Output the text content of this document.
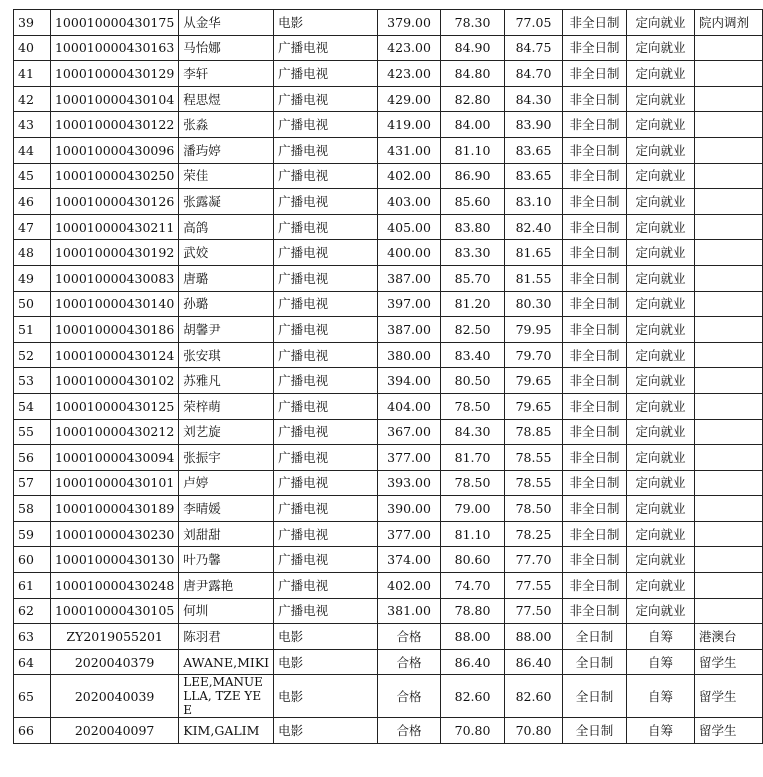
39	100010000430175	从金华	电影	379.00	78.30	77.05	非全日制	定向就业	院内调剂
40	100010000430163	马怡娜	广播电视	423.00	84.90	84.75	非全日制	定向就业	
41	100010000430129	李轩	广播电视	423.00	84.80	84.70	非全日制	定向就业	
42	100010000430104	程思煜	广播电视	429.00	82.80	84.30	非全日制	定向就业	
43	100010000430122	张淼	广播电视	419.00	84.00	83.90	非全日制	定向就业	
44	100010000430096	潘玙婷	广播电视	431.00	81.10	83.65	非全日制	定向就业	
45	100010000430250	荣佳	广播电视	402.00	86.90	83.65	非全日制	定向就业	
46	100010000430126	张露凝	广播电视	403.00	85.60	83.10	非全日制	定向就业	
47	100010000430211	高鸽	广播电视	405.00	83.80	82.40	非全日制	定向就业	
48	100010000430192	武姣	广播电视	400.00	83.30	81.65	非全日制	定向就业	
49	100010000430083	唐璐	广播电视	387.00	85.70	81.55	非全日制	定向就业	
50	100010000430140	孙璐	广播电视	397.00	81.20	80.30	非全日制	定向就业	
51	100010000430186	胡馨尹	广播电视	387.00	82.50	79.95	非全日制	定向就业	
52	100010000430124	张安琪	广播电视	380.00	83.40	79.70	非全日制	定向就业	
53	100010000430102	苏雅凡	广播电视	394.00	80.50	79.65	非全日制	定向就业	
54	100010000430125	荣梓萌	广播电视	404.00	78.50	79.65	非全日制	定向就业	
55	100010000430212	刘艺旋	广播电视	367.00	84.30	78.85	非全日制	定向就业	
56	100010000430094	张振宇	广播电视	377.00	81.70	78.55	非全日制	定向就业	
57	100010000430101	卢婷	广播电视	393.00	78.50	78.55	非全日制	定向就业	
58	100010000430189	李晴媛	广播电视	390.00	79.00	78.50	非全日制	定向就业	
59	100010000430230	刘甜甜	广播电视	377.00	81.10	78.25	非全日制	定向就业	
60	100010000430130	叶乃馨	广播电视	374.00	80.60	77.70	非全日制	定向就业	
61	100010000430248	唐尹露艳	广播电视	402.00	74.70	77.55	非全日制	定向就业	
62	100010000430105	何圳	广播电视	381.00	78.80	77.50	非全日制	定向就业	
63	ZY2019055201	陈羽君	电影	合格	88.00	88.00	全日制	自筹	港澳台
64	2020040379	AWANE,MIKI	电影	合格	86.40	86.40	全日制	自筹	留学生
65	2020040039	LEE,MANUELLA, TZE YEE	电影	合格	82.60	82.60	全日制	自筹	留学生
66	2020040097	KIM,GALIM	电影	合格	70.80	70.80	全日制	自筹	留学生
